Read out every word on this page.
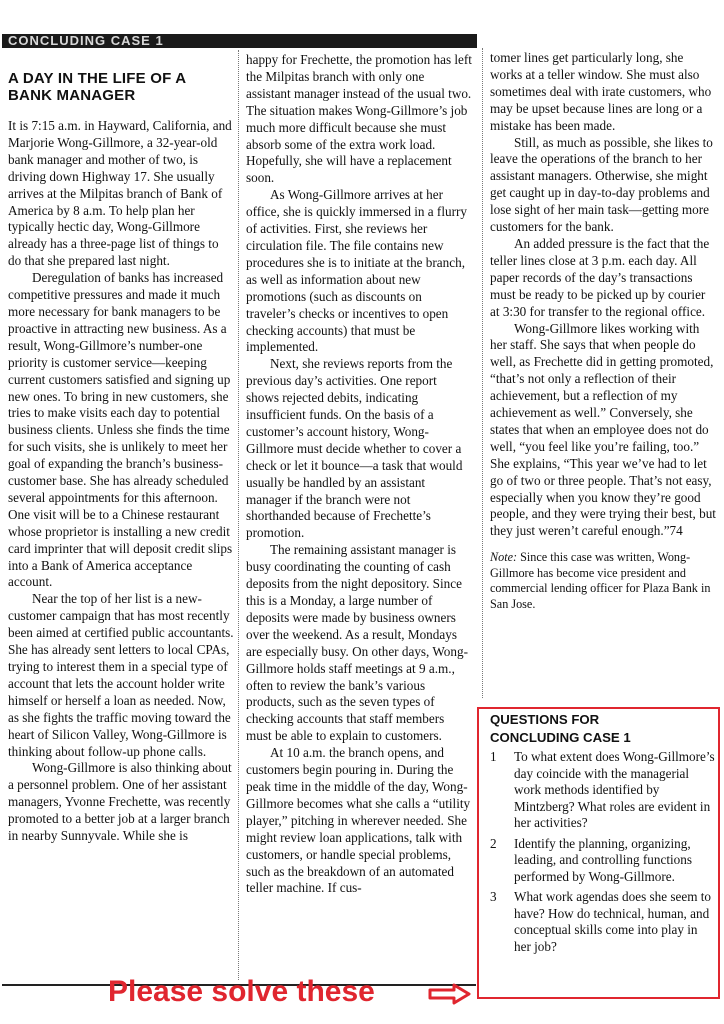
CONCLUDING CASE 1
A DAY IN THE LIFE OF A BANK MANAGER

It is 7:15 a.m. in Hayward, California, and Marjorie Wong-Gillmore, a 32-year-old bank manager and mother of two, is driving down Highway 17. She usually arrives at the Milpitas branch of Bank of America by 8 a.m. To help plan her typically hectic day, Wong-Gillmore already has a three-page list of things to do that she prepared last night.

Deregulation of banks has increased competitive pressures and made it much more necessary for bank managers to be proactive in attracting new business. As a result, Wong-Gillmore’s number-one priority is customer service—keeping current customers satisfied and signing up new ones. To bring in new customers, she tries to make visits each day to potential business clients. Unless she finds the time for such visits, she is unlikely to meet her goal of expanding the branch’s business-customer base. She has already scheduled several appointments for this afternoon. One visit will be to a Chinese restaurant whose proprietor is installing a new credit card imprinter that will deposit credit slips into a Bank of America acceptance account.

Near the top of her list is a new-customer campaign that has most recently been aimed at certified public accountants. She has already sent letters to local CPAs, trying to interest them in a special type of account that lets the account holder write himself or herself a loan as needed. Now, as she fights the traffic moving toward the heart of Silicon Valley, Wong-Gillmore is thinking about follow-up phone calls.

Wong-Gillmore is also thinking about a personnel problem. One of her assistant managers, Yvonne Frechette, was recently promoted to a better job at a larger branch in nearby Sunnyvale. While she is

happy for Frechette, the promotion has left the Milpitas branch with only one assistant manager instead of the usual two. The situation makes Wong-Gillmore’s job much more difficult because she must absorb some of the extra work load. Hopefully, she will have a replacement soon.

As Wong-Gillmore arrives at her office, she is quickly immersed in a flurry of activities. First, she reviews her circulation file. The file contains new procedures she is to initiate at the branch, as well as information about new promotions (such as discounts on traveler’s checks or incentives to open checking accounts) that must be implemented.

Next, she reviews reports from the previous day’s activities. One report shows rejected debits, indicating insufficient funds. On the basis of a customer’s account history, Wong-Gillmore must decide whether to cover a check or let it bounce—a task that would usually be handled by an assistant manager if the branch were not shorthanded because of Frechette’s promotion.

The remaining assistant manager is busy coordinating the counting of cash deposits from the night depository. Since this is a Monday, a large number of deposits were made by business owners over the weekend. As a result, Mondays are especially busy. On other days, Wong-Gillmore holds staff meetings at 9 a.m., often to review the bank’s various products, such as the seven types of checking accounts that staff members must be able to explain to customers.

At 10 a.m. the branch opens, and customers begin pouring in. During the peak time in the middle of the day, Wong-Gillmore becomes what she calls a “utility player,” pitching in wherever needed. She might review loan applications, talk with customers, or handle special problems, such as the breakdown of an automated teller machine. If cus-

tomer lines get particularly long, she works at a teller window. She must also sometimes deal with irate customers, who may be upset because lines are long or a mistake has been made.

Still, as much as possible, she likes to leave the operations of the branch to her assistant managers. Otherwise, she might get caught up in day-to-day problems and lose sight of her main task—getting more customers for the bank.

An added pressure is the fact that the teller lines close at 3 p.m. each day. All paper records of the day’s transactions must be ready to be picked up by courier at 3:30 for transfer to the regional office.

Wong-Gillmore likes working with her staff. She says that when people do well, as Frechette did in getting promoted, “that’s not only a reflection of their achievement, but a reflection of my achievement as well.” Conversely, she states that when an employee does not do well, “you feel like you’re failing, too.” She explains, “This year we’ve had to let go of two or three people. That’s not easy, especially when you know they’re good people, and they were trying their best, but they just weren’t careful enough.”74

Note: Since this case was written, Wong-Gillmore has become vice president and commercial lending officer for Plaza Bank in San Jose.

QUESTIONS FOR
CONCLUDING CASE 1
1	To what extent does Wong-Gillmore’s day coincide with the managerial work methods identified by Mintzberg? What roles are evident in her activities?
2	Identify the planning, organizing, leading, and controlling functions performed by Wong-Gillmore.
3	What work agendas does she seem to have? How do technical, human, and conceptual skills come into play in her job?
Please solve these
